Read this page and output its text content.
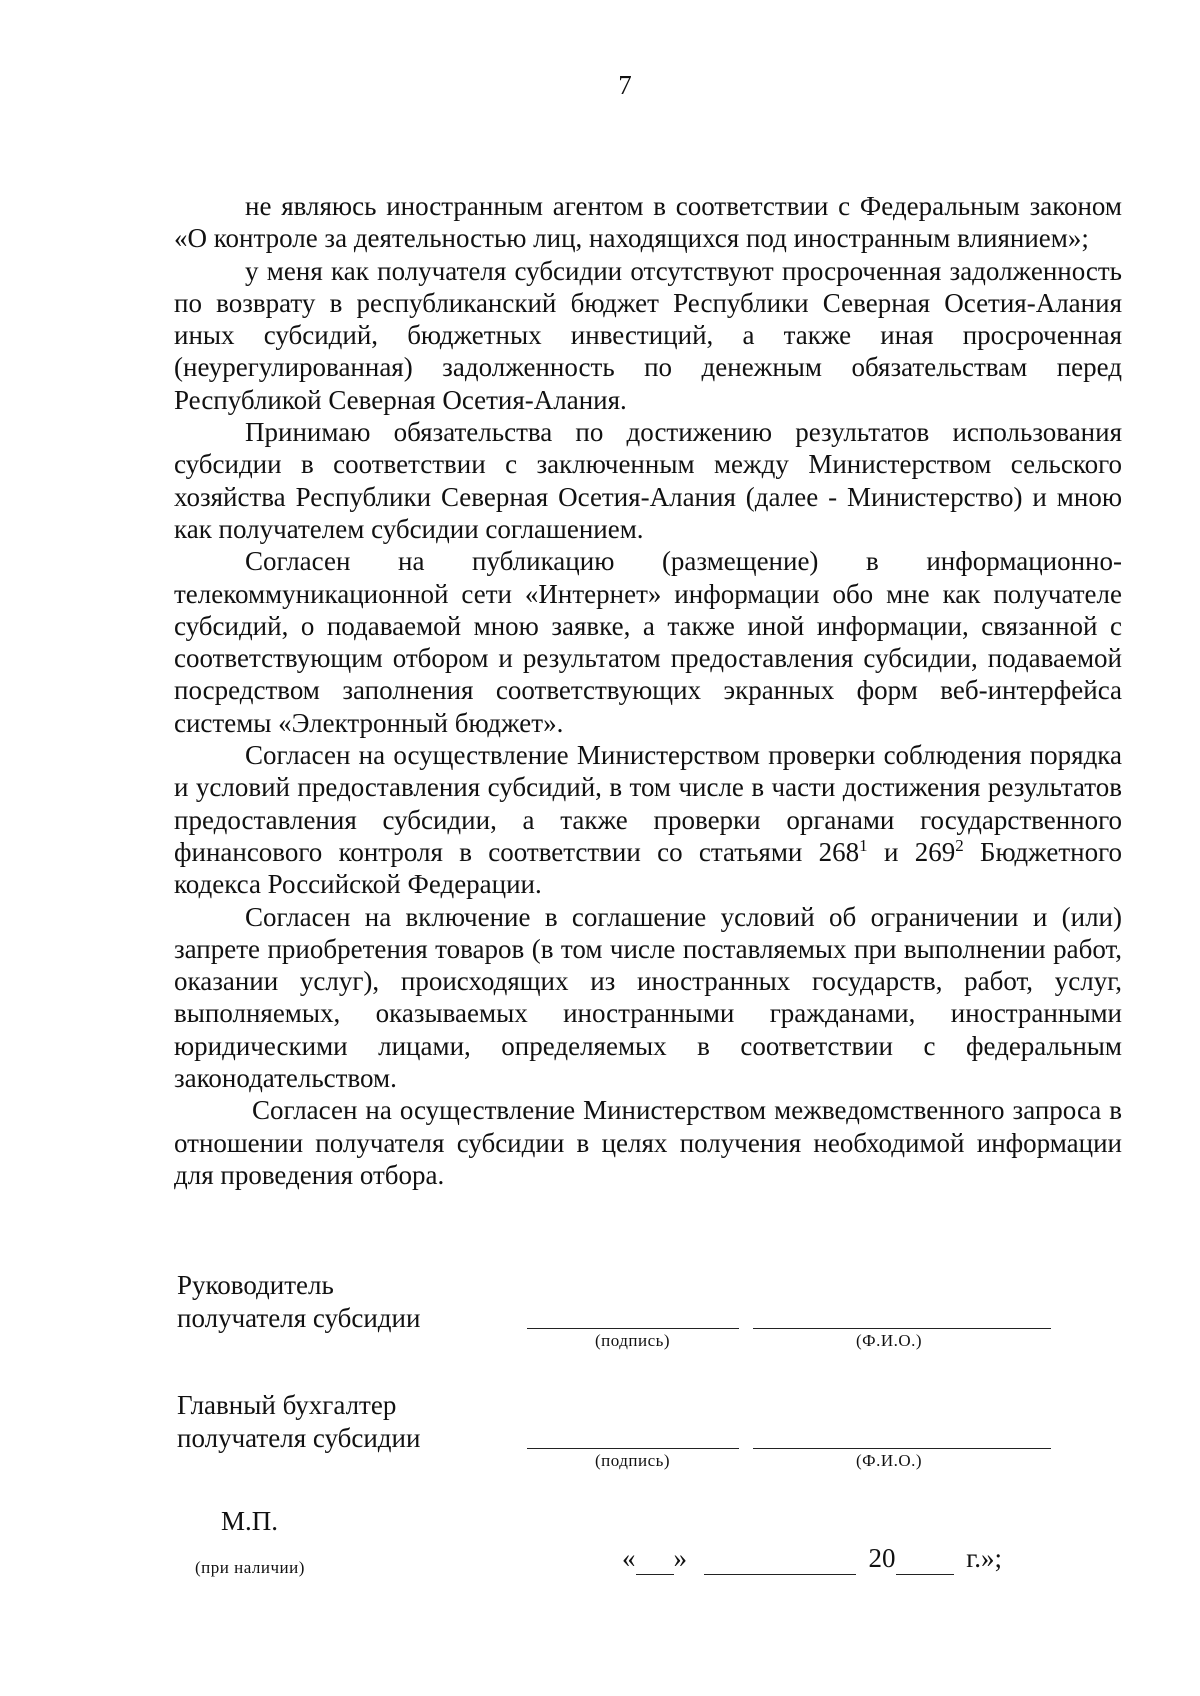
7

не являюсь иностранным агентом в соответствии с Федеральным законом «О контроле за деятельностью лиц, находящихся под иностранным влиянием»;

у меня как получателя субсидии отсутствуют просроченная задолженность по возврату в республиканский бюджет Республики Северная Осетия-Алания иных субсидий, бюджетных инвестиций, а также иная просроченная (неурегулированная) задолженность по денежным обязательствам перед Республикой Северная Осетия-Алания.

Принимаю обязательства по достижению результатов использования субсидии в соответствии с заключенным между Министерством сельского хозяйства Республики Северная Осетия-Алания (далее - Министерство) и мною как получателем субсидии соглашением.

Согласен на публикацию (размещение) в информационно-телекоммуникационной сети «Интернет» информации обо мне как получателе субсидий, о подаваемой мною заявке, а также иной информации, связанной с соответствующим отбором и результатом предоставления субсидии, подаваемой посредством заполнения соответствующих экранных форм веб-интерфейса системы «Электронный бюджет».

Согласен на осуществление Министерством проверки соблюдения порядка и условий предоставления субсидий, в том числе в части достижения результатов предоставления субсидии, а также проверки органами государственного финансового контроля в соответствии со статьями $268^1$ и $269^2$ Бюджетного кодекса Российской Федерации.

Согласен на включение в соглашение условий об ограничении и (или) запрете приобретения товаров (в том числе поставляемых при выполнении работ, оказании услуг), происходящих из иностранных государств, работ, услуг, выполняемых, оказываемых иностранными гражданами, иностранными юридическими лицами, определяемых в соответствии с федеральным законодательством.

Согласен на осуществление Министерством межведомственного запроса в отношении получателя субсидии в целях получения необходимой информации для проведения отбора.

Руководитель
получателя субсидии
(подпись)	(Ф.И.О.)
Главный бухгалтер
получателя субсидии
(подпись)	(Ф.И.О.)
М.П.
(при наличии)	« »	20	г.»;
